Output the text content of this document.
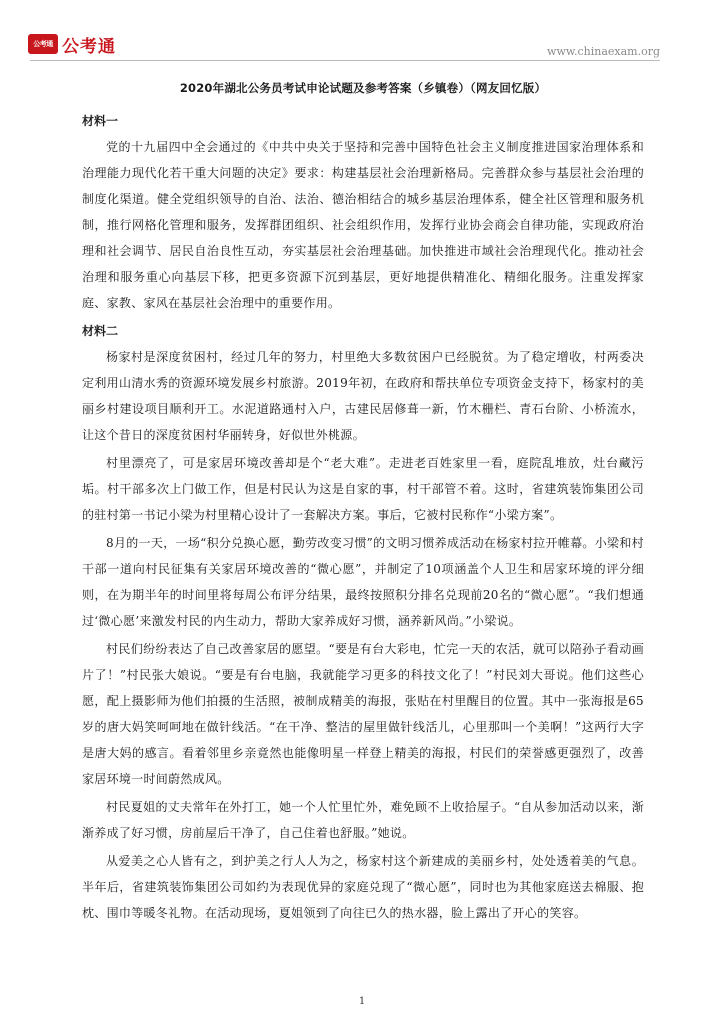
公考通 公考通	www.chinaexam.org
2020年湖北公务员考试申论试题及参考答案（乡镇卷）（网友回忆版）
材料一

党的十九届四中全会通过的《中共中央关于坚持和完善中国特色社会主义制度推进国家治理体系和治理能力现代化若干重大问题的决定》要求：构建基层社会治理新格局。完善群众参与基层社会治理的制度化渠道。健全党组织领导的自治、法治、德治相结合的城乡基层治理体系，健全社区管理和服务机制，推行网格化管理和服务，发挥群团组织、社会组织作用，发挥行业协会商会自律功能，实现政府治理和社会调节、居民自治良性互动，夯实基层社会治理基础。加快推进市域社会治理现代化。推动社会治理和服务重心向基层下移，把更多资源下沉到基层，更好地提供精准化、精细化服务。注重发挥家庭、家教、家风在基层社会治理中的重要作用。

材料二

杨家村是深度贫困村，经过几年的努力，村里绝大多数贫困户已经脱贫。为了稳定增收，村两委决定利用山清水秀的资源环境发展乡村旅游。2019年初，在政府和帮扶单位专项资金支持下，杨家村的美丽乡村建设项目顺利开工。水泥道路通村入户，古建民居修葺一新，竹木栅栏、青石台阶、小桥流水，让这个昔日的深度贫困村华丽转身，好似世外桃源。

村里漂亮了，可是家居环境改善却是个“老大难”。走进老百姓家里一看，庭院乱堆放，灶台藏污垢。村干部多次上门做工作，但是村民认为这是自家的事，村干部管不着。这时，省建筑装饰集团公司的驻村第一书记小梁为村里精心设计了一套解决方案。事后，它被村民称作“小梁方案”。

8月的一天，一场“积分兑换心愿，勤劳改变习惯”的文明习惯养成活动在杨家村拉开帷幕。小梁和村干部一道向村民征集有关家居环境改善的“微心愿”，并制定了10项涵盖个人卫生和居家环境的评分细则，在为期半年的时间里将每周公布评分结果，最终按照积分排名兑现前20名的“微心愿”。“我们想通过‘微心愿’来激发村民的内生动力，帮助大家养成好习惯，涵养新风尚。”小梁说。

村民们纷纷表达了自己改善家居的愿望。“要是有台大彩电，忙完一天的农活，就可以陪孙子看动画片了！”村民张大娘说。“要是有台电脑，我就能学习更多的科技文化了！”村民刘大哥说。他们这些心愿，配上摄影师为他们拍摄的生活照，被制成精美的海报，张贴在村里醒目的位置。其中一张海报是65岁的唐大妈笑呵呵地在做针线活。“在干净、整洁的屋里做针线活儿，心里那叫一个美啊！”这两行大字是唐大妈的感言。看着邻里乡亲竟然也能像明星一样登上精美的海报，村民们的荣誉感更强烈了，改善家居环境一时间蔚然成风。

村民夏姐的丈夫常年在外打工，她一个人忙里忙外，难免顾不上收拾屋子。“自从参加活动以来，渐渐养成了好习惯，房前屋后干净了，自己住着也舒服。”她说。

从爱美之心人皆有之，到护美之行人人为之，杨家村这个新建成的美丽乡村，处处透着美的气息。半年后，省建筑装饰集团公司如约为表现优异的家庭兑现了“微心愿”，同时也为其他家庭送去棉服、抱枕、围巾等暖冬礼物。在活动现场，夏姐领到了向往已久的热水器，脸上露出了开心的笑容。

1
